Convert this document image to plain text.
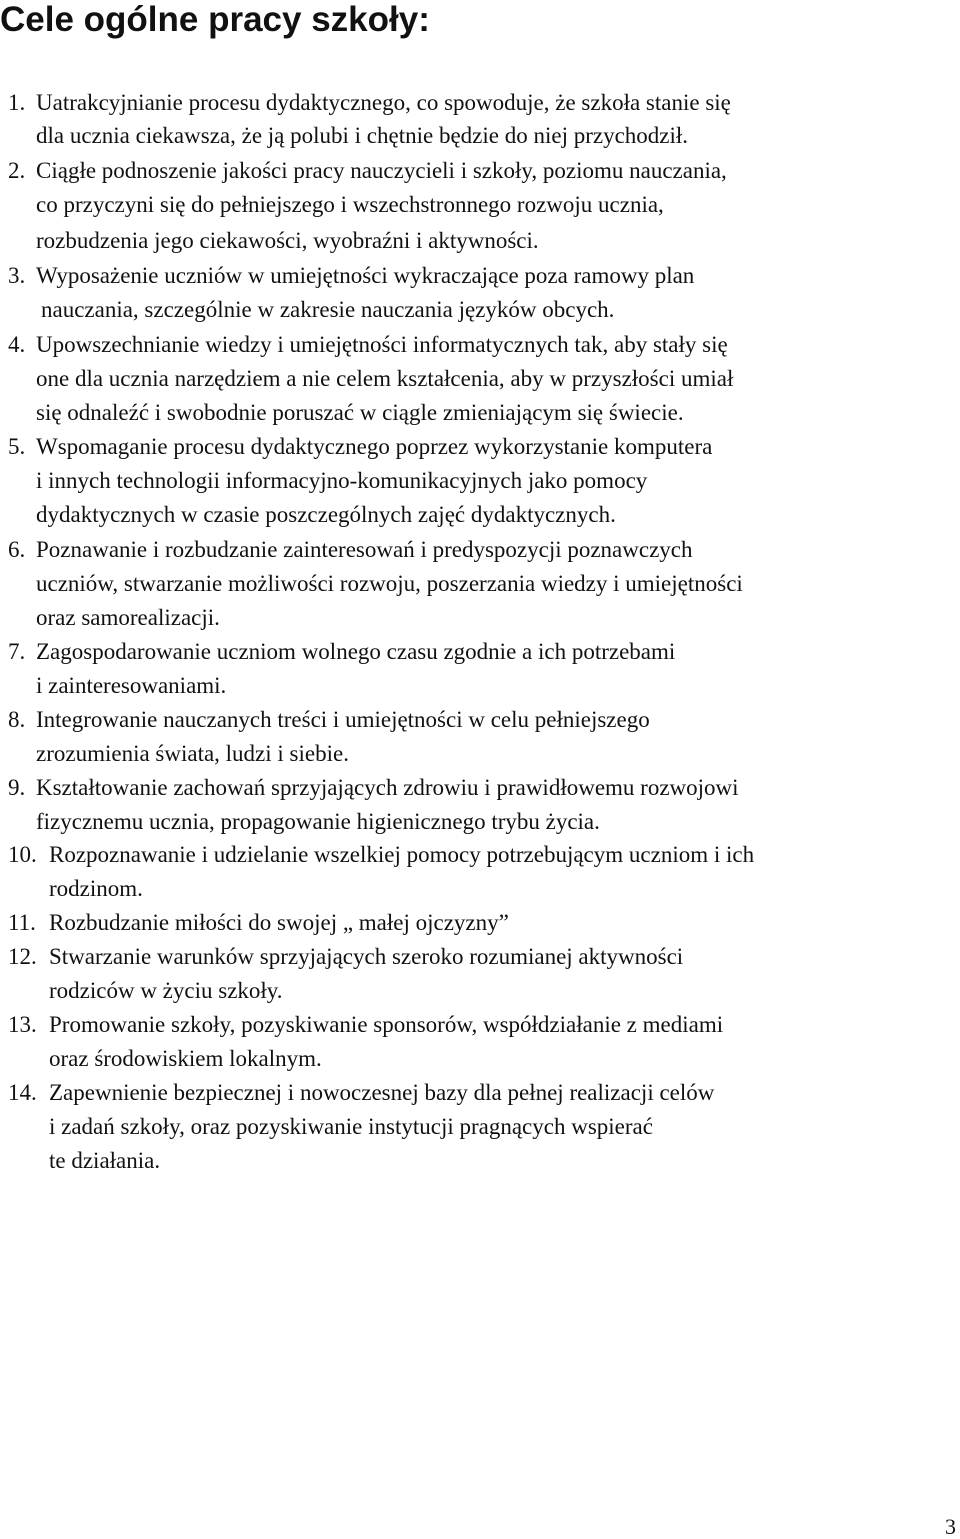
Cele ogólne pracy szkoły:
1. Uatrakcyjnianie procesu dydaktycznego, co spowoduje, że szkoła stanie się
dla ucznia ciekawsza, że ją polubi i chętnie będzie do niej przychodził.
2. Ciągłe podnoszenie jakości pracy nauczycieli i szkoły, poziomu nauczania,
co przyczyni się do pełniejszego i wszechstronnego rozwoju ucznia,
rozbudzenia jego ciekawości, wyobraźni i aktywności.
3. Wyposażenie uczniów w umiejętności wykraczające poza ramowy plan
nauczania, szczególnie w zakresie nauczania języków obcych.
4. Upowszechnianie wiedzy i umiejętności informatycznych tak, aby stały się
one dla ucznia narzędziem a nie celem kształcenia, aby w przyszłości umiał
się odnaleźć i swobodnie poruszać w ciągle zmieniającym się świecie.
5. Wspomaganie procesu dydaktycznego poprzez wykorzystanie komputera
i innych technologii informacyjno-komunikacyjnych jako pomocy
dydaktycznych w czasie poszczególnych zajęć dydaktycznych.
6. Poznawanie i rozbudzanie zainteresowań i predyspozycji poznawczych
uczniów, stwarzanie możliwości rozwoju, poszerzania wiedzy i umiejętności
oraz samorealizacji.
7. Zagospodarowanie uczniom wolnego czasu zgodnie a ich potrzebami
i zainteresowaniami.
8. Integrowanie nauczanych treści i umiejętności w celu pełniejszego
zrozumienia świata, ludzi i siebie.
9. Kształtowanie zachowań sprzyjających zdrowiu i prawidłowemu rozwojowi
fizycznemu ucznia, propagowanie higienicznego trybu życia.
10. Rozpoznawanie i udzielanie wszelkiej pomocy potrzebującym uczniom i ich
rodzinom.
11. Rozbudzanie miłości do swojej „ małej ojczyzny”
12. Stwarzanie warunków sprzyjających szeroko rozumianej aktywności
rodziców w życiu szkoły.
13. Promowanie szkoły, pozyskiwanie sponsorów, współdziałanie z mediami
oraz środowiskiem lokalnym.
14. Zapewnienie bezpiecznej i nowoczesnej bazy dla pełnej realizacji celów
i zadań szkoły, oraz pozyskiwanie instytucji pragnących wspierać
te działania.
3
